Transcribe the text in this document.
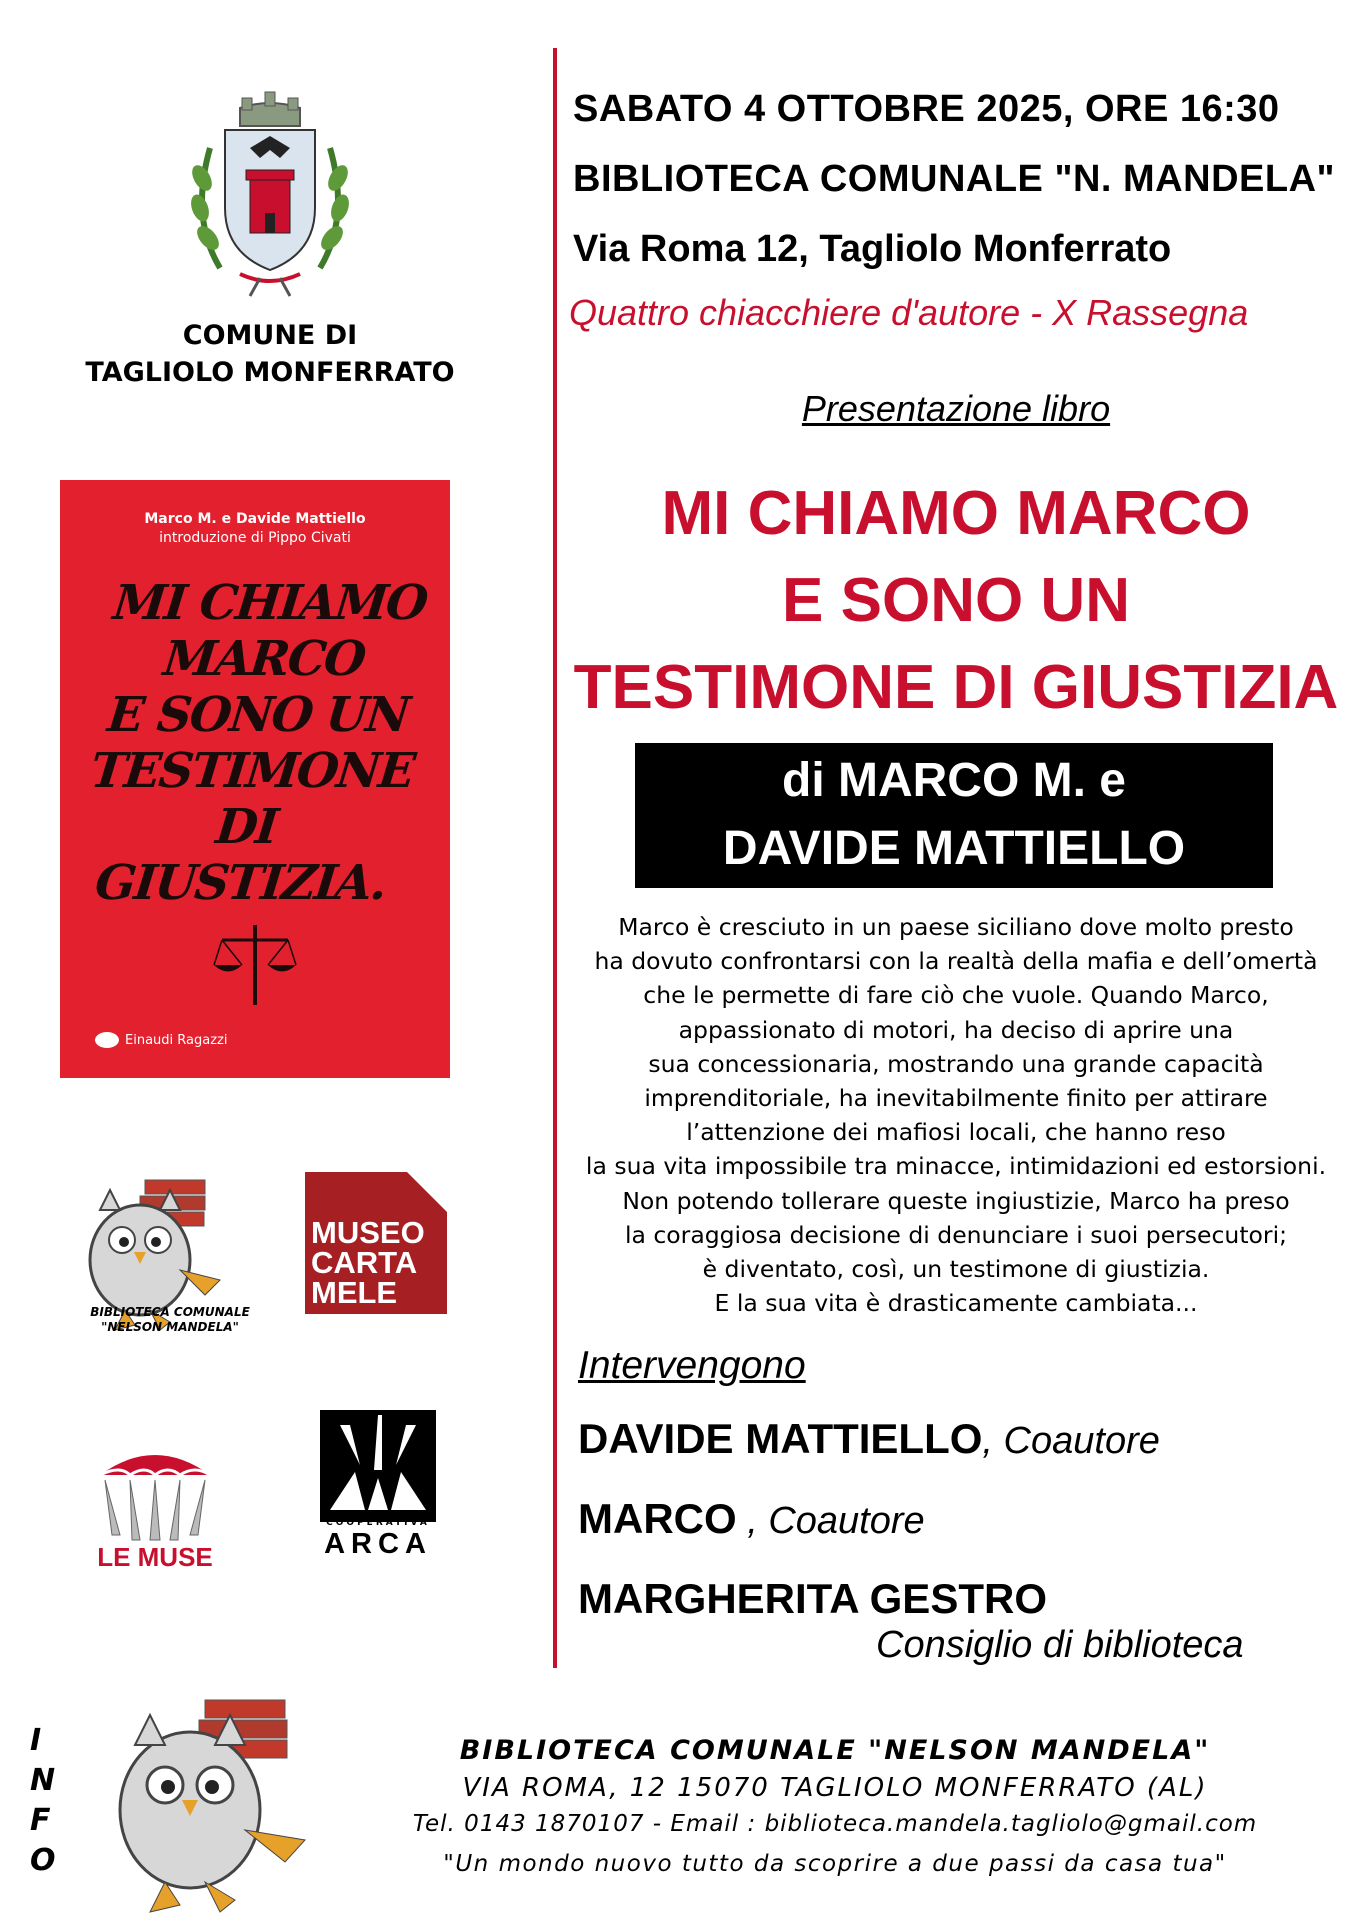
COMUNE DI
TAGLIOLO MONFERRATO
Marco M. e Davide Mattiello
introduzione di Pippo Civati
MI CHIAMO
MARCO
E SONO UN
TESTIMONE DI
GIUSTIZIA.
Einaudi Ragazzi
BIBLIOTECA COMUNALE
"NELSON MANDELA"
MUSEO
CARTA
MELE
LE MUSE
COOPERATIVA
ARCA
SABATO 4 OTTOBRE 2025, ORE 16:30
BIBLIOTECA COMUNALE "N. MANDELA"
Via Roma 12, Tagliolo Monferrato
Quattro chiacchiere d'autore - X Rassegna
Presentazione libro
MI CHIAMO MARCO
E SONO UN
TESTIMONE DI GIUSTIZIA
di MARCO M. e
DAVIDE MATTIELLO
Marco è cresciuto in un paese siciliano dove molto presto
ha dovuto confrontarsi con la realtà della mafia e dell’omertà
che le permette di fare ciò che vuole. Quando Marco,
appassionato di motori, ha deciso di aprire una
sua concessionaria, mostrando una grande capacità
imprenditoriale, ha inevitabilmente finito per attirare
l’attenzione dei mafiosi locali, che hanno reso
la sua vita impossibile tra minacce, intimidazioni ed estorsioni.
Non potendo tollerare queste ingiustizie, Marco ha preso
la coraggiosa decisione di denunciare i suoi persecutori;
è diventato, così, un testimone di giustizia.
E la sua vita è drasticamente cambiata...
Intervengono
DAVIDE MATTIELLO, Coautore
MARCO , Coautore
MARGHERITA GESTRO
Consiglio di biblioteca
I
N
F
O
BIBLIOTECA COMUNALE "NELSON MANDELA"
VIA ROMA, 12 15070 TAGLIOLO MONFERRATO (AL)
Tel. 0143 1870107 - Email : biblioteca.mandela.tagliolo@gmail.com
"Un mondo nuovo tutto da scoprire a due passi da casa tua"
